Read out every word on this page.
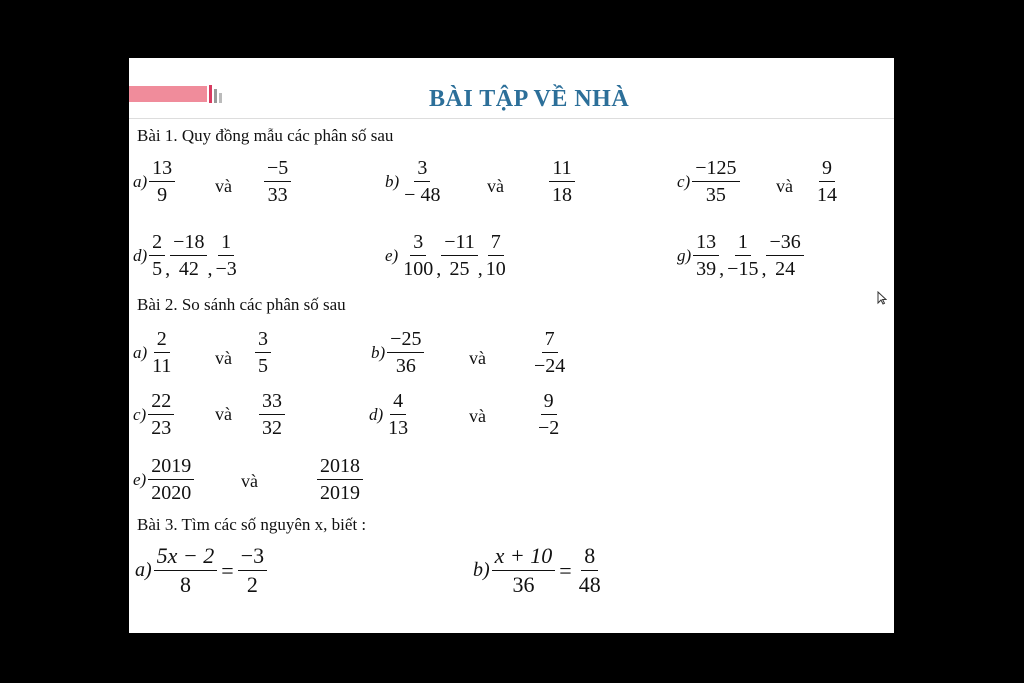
BÀI TẬP VỀ NHÀ
Bài 1. Quy đồng mẫu các phân số sau
$a) \frac{13}{9}$ và $\frac{-5}{33}$	$b) \frac{3}{- 48}$ và $\frac{11}{18}$	$c) \frac{-125}{35}$ và $\frac{9}{14}$
$d) \frac{2}{5}$ , $\frac{-18}{42}$ , $\frac{1}{-3}$	$e) \frac{3}{100}$ , $\frac{-11}{25}$ , $\frac{7}{10}$	$g) \frac{13}{39}$ , $\frac{1}{-15}$ , $\frac{-36}{24}$
Bài 2. So sánh các phân số sau
$a) \frac{2}{11}$ và $\frac{3}{5}$	$b) \frac{-25}{36}$ và $\frac{7}{-24}$
$c) \frac{22}{23}$ và $\frac{33}{32}$	$d) \frac{4}{13}$	và $\frac{9}{-2}$
$e) \frac{2019}{2020}$	và	$\frac{2018}{2019}$
Bài 3. Tìm các số nguyên x, biết :
$a) \frac{5x - 2}{8} = \frac{-3}{2}$	$b) \frac{x + 10}{36} = \frac{8}{48}$
